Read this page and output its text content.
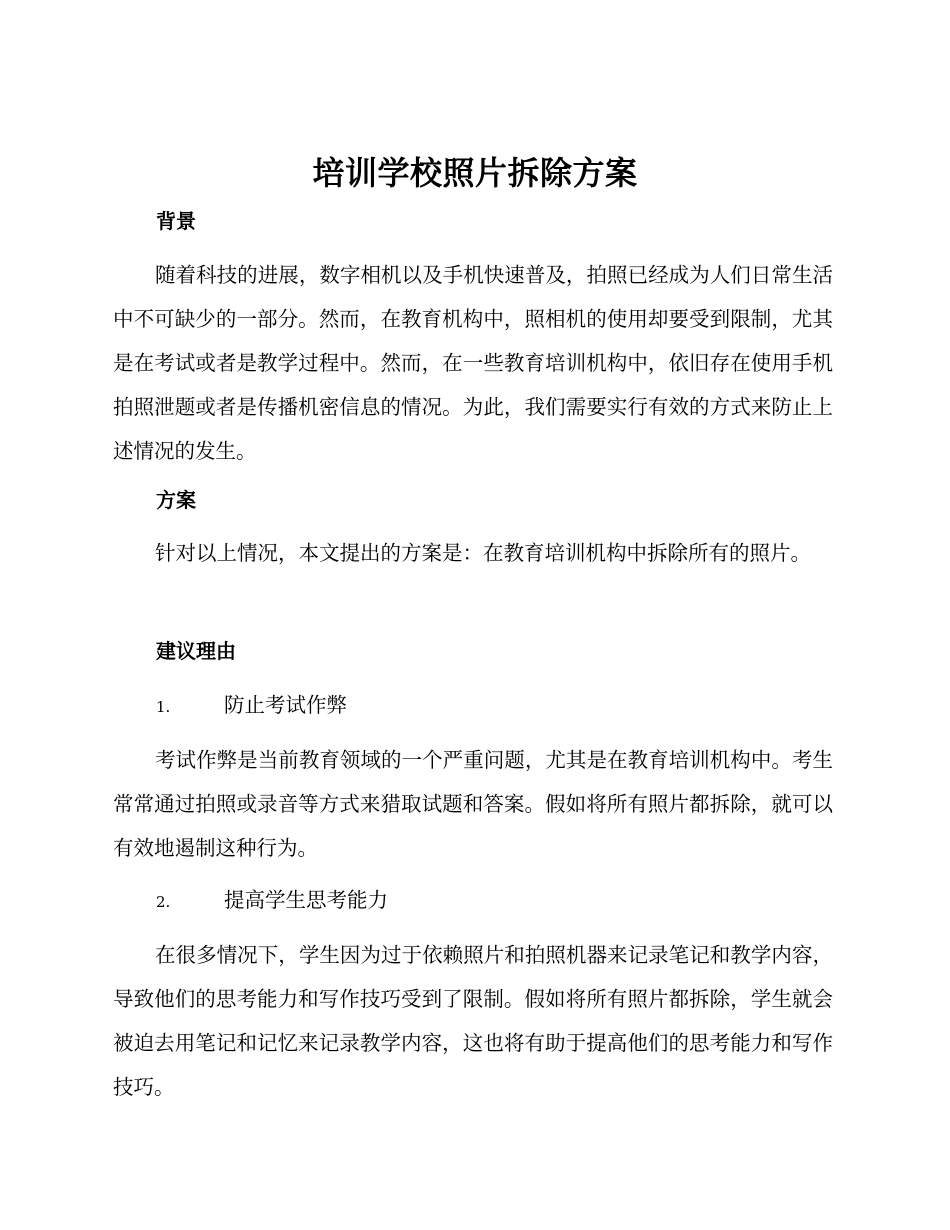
培训学校照片拆除方案
背景

随着科技的进展，数字相机以及手机快速普及，拍照已经成为人们日常生活中不可缺少的一部分。然而，在教育机构中，照相机的使用却要受到限制，尤其是在考试或者是教学过程中。然而，在一些教育培训机构中，依旧存在使用手机拍照泄题或者是传播机密信息的情况。为此，我们需要实行有效的方式来防止上述情况的发生。

方案

针对以上情况，本文提出的方案是：在教育培训机构中拆除所有的照片。

建议理由
1.	防止考试作弊

考试作弊是当前教育领域的一个严重问题，尤其是在教育培训机构中。考生常常通过拍照或录音等方式来猎取试题和答案。假如将所有照片都拆除，就可以有效地遏制这种行为。

2.	提高学生思考能力

在很多情况下，学生因为过于依赖照片和拍照机器来记录笔记和教学内容，导致他们的思考能力和写作技巧受到了限制。假如将所有照片都拆除，学生就会被迫去用笔记和记忆来记录教学内容，这也将有助于提高他们的思考能力和写作技巧。
